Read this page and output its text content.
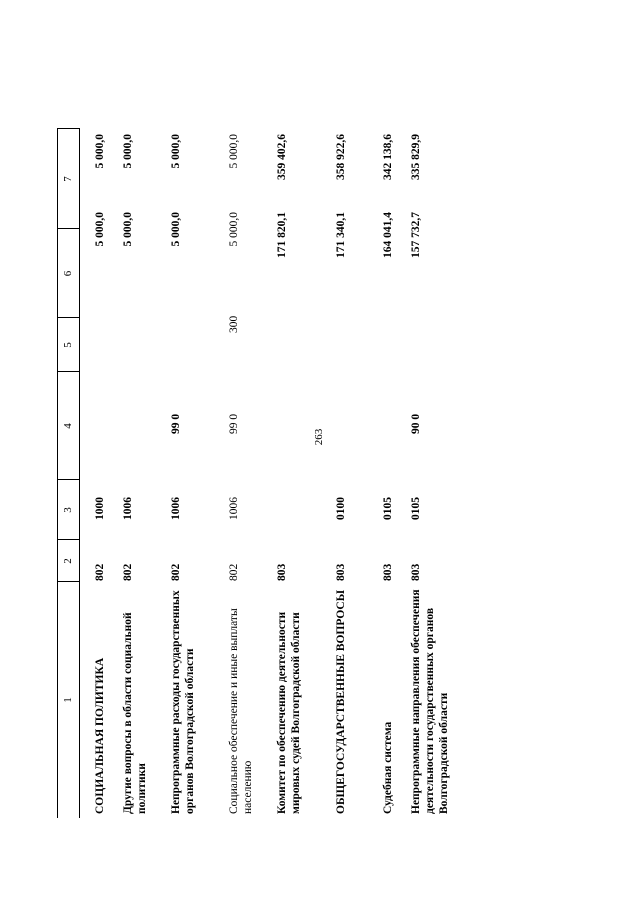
263
1
2
3
4
5
6
7
СОЦИАЛЬНАЯ ПОЛИТИКА
802
1000
5 000,0
5 000,0
Другие вопросы в области социальной политики
802
1006
5 000,0
5 000,0
Непрограммные расходы государственных органов Волгоградской области
802
1006
99 0
5 000,0
5 000,0
Социальное обеспечение и иные выплаты населению
802
1006
99 0
300
5 000,0
5 000,0
Комитет по обеспечению деятельности мировых судей Волгоградской области
803
171 820,1
359 402,6
ОБЩЕГОСУДАРСТВЕННЫЕ ВОПРОСЫ
803
0100
171 340,1
358 922,6
Судебная система
803
0105
164 041,4
342 138,6
Непрограммные направления обеспечения деятельности государственных органов Волгоградской области
803
0105
90 0
157 732,7
335 829,9
